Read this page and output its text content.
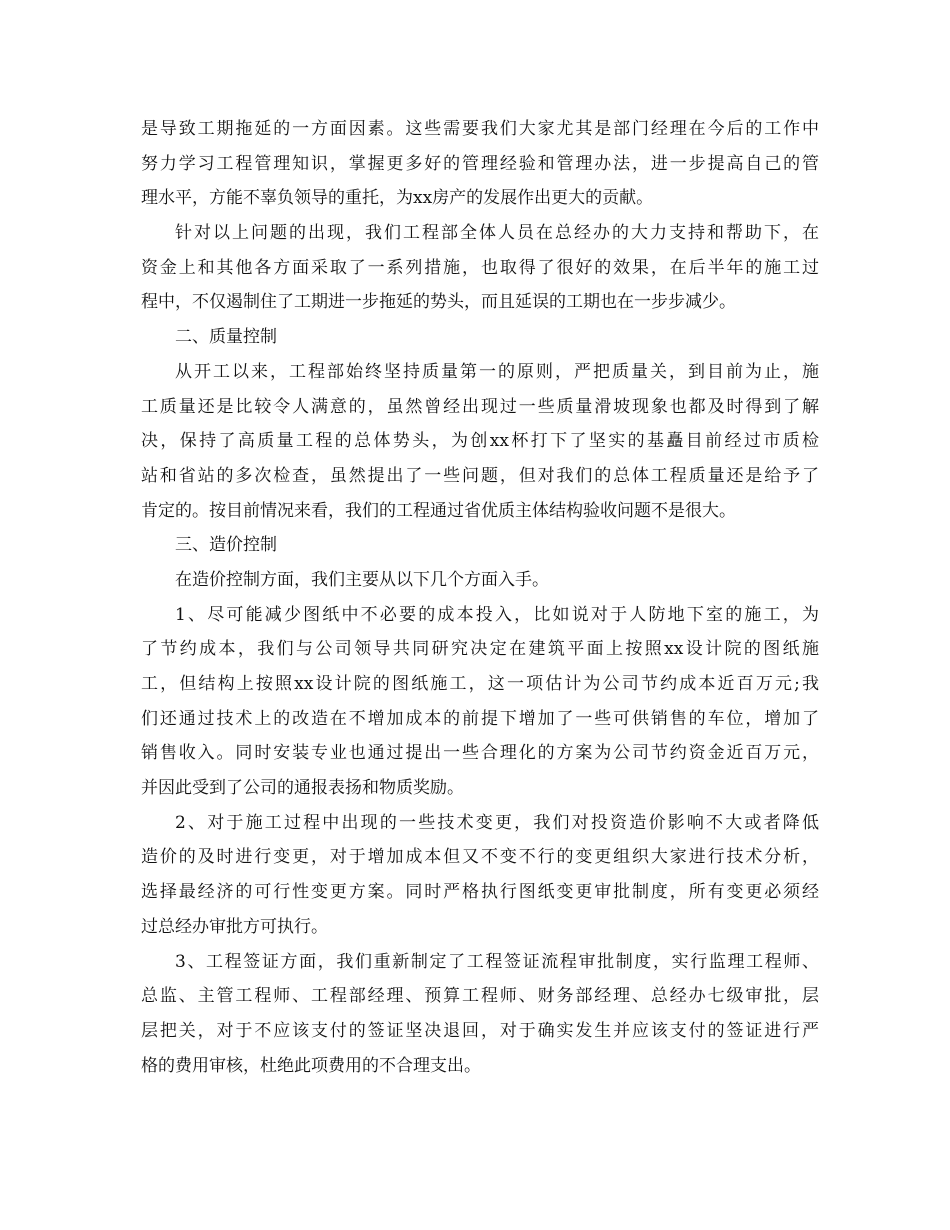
是导致工期拖延的一方面因素。这些需要我们大家尤其是部门经理在今后的工作中
努力学习工程管理知识，掌握更多好的管理经验和管理办法，进一步提高自己的管
理水平，方能不辜负领导的重托，为xx房产的发展作出更大的贡献。
针对以上问题的出现，我们工程部全体人员在总经办的大力支持和帮助下，在
资金上和其他各方面采取了一系列措施，也取得了很好的效果，在后半年的施工过
程中，不仅遏制住了工期进一步拖延的势头，而且延误的工期也在一步步减少。
二、质量控制
从开工以来，工程部始终坚持质量第一的原则，严把质量关，到目前为止，施
工质量还是比较令人满意的，虽然曾经出现过一些质量滑坡现象也都及时得到了解
决，保持了高质量工程的总体势头，为创xx杯打下了坚实的基矗目前经过市质检
站和省站的多次检查，虽然提出了一些问题，但对我们的总体工程质量还是给予了
肯定的。按目前情况来看，我们的工程通过省优质主体结构验收问题不是很大。
三、造价控制
在造价控制方面，我们主要从以下几个方面入手。
1、尽可能减少图纸中不必要的成本投入，比如说对于人防地下室的施工，为
了节约成本，我们与公司领导共同研究决定在建筑平面上按照xx设计院的图纸施
工，但结构上按照xx设计院的图纸施工，这一项估计为公司节约成本近百万元;我
们还通过技术上的改造在不增加成本的前提下增加了一些可供销售的车位，增加了
销售收入。同时安装专业也通过提出一些合理化的方案为公司节约资金近百万元，
并因此受到了公司的通报表扬和物质奖励。
2、对于施工过程中出现的一些技术变更，我们对投资造价影响不大或者降低
造价的及时进行变更，对于增加成本但又不变不行的变更组织大家进行技术分析，
选择最经济的可行性变更方案。同时严格执行图纸变更审批制度，所有变更必须经
过总经办审批方可执行。
3、工程签证方面，我们重新制定了工程签证流程审批制度，实行监理工程师、
总监、主管工程师、工程部经理、预算工程师、财务部经理、总经办七级审批，层
层把关，对于不应该支付的签证坚决退回，对于确实发生并应该支付的签证进行严
格的费用审核，杜绝此项费用的不合理支出。
